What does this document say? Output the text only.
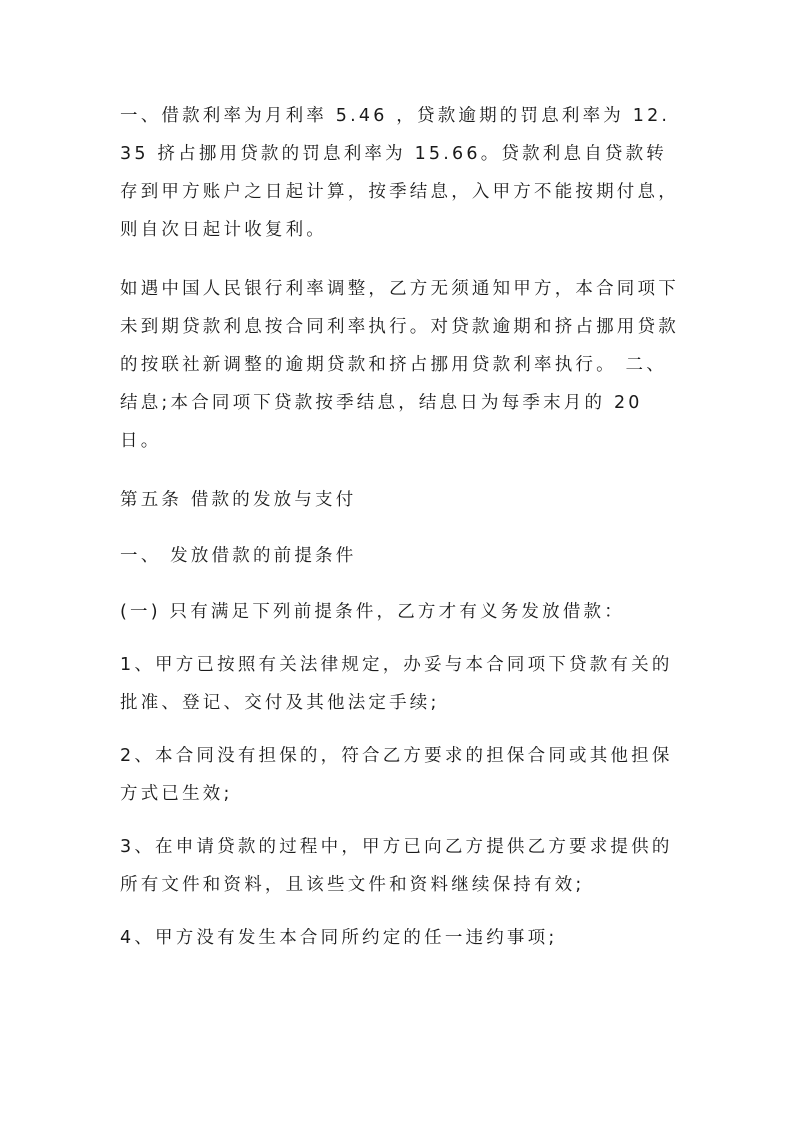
一、借款利率为月利率 5.46 ，贷款逾期的罚息利率为 12.35 挤占挪用贷款的罚息利率为 15.66。贷款利息自贷款转存到甲方账户之日起计算，按季结息，入甲方不能按期付息，则自次日起计收复利。

如遇中国人民银行利率调整，乙方无须通知甲方，本合同项下未到期贷款利息按合同利率执行。对贷款逾期和挤占挪用贷款的按联社新调整的逾期贷款和挤占挪用贷款利率执行。 二、结息;本合同项下贷款按季结息，结息日为每季末月的 20 日。

第五条 借款的发放与支付

一、 发放借款的前提条件

(一) 只有满足下列前提条件，乙方才有义务发放借款：

1、甲方已按照有关法律规定，办妥与本合同项下贷款有关的批准、登记、交付及其他法定手续;

2、本合同没有担保的，符合乙方要求的担保合同或其他担保方式已生效;

3、在申请贷款的过程中，甲方已向乙方提供乙方要求提供的所有文件和资料，且该些文件和资料继续保持有效;

4、甲方没有发生本合同所约定的任一违约事项;
